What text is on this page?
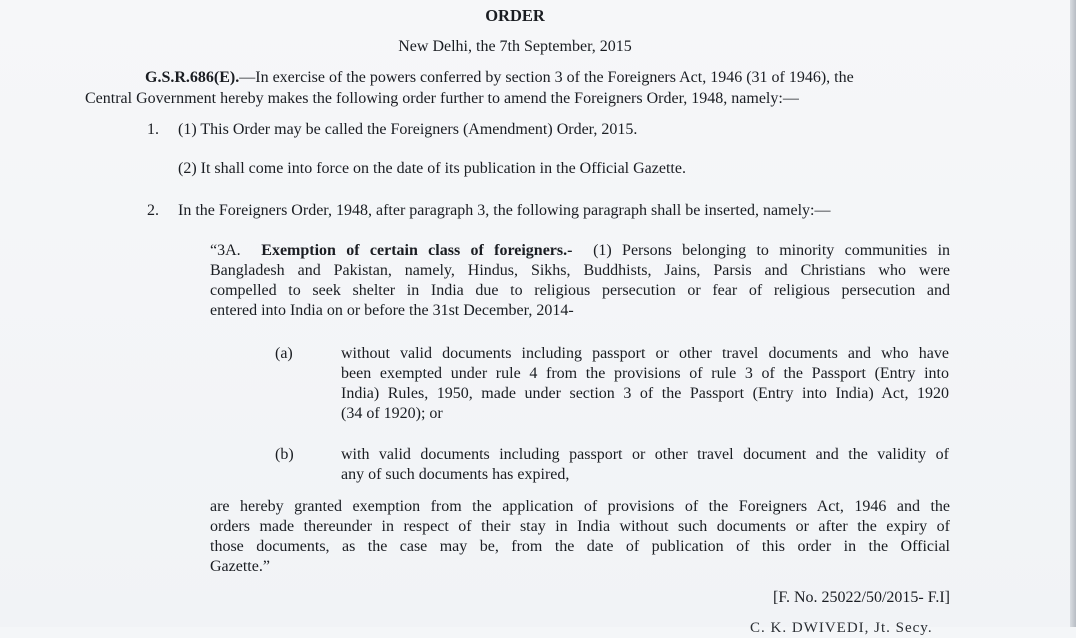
ORDER
New Delhi, the 7th September, 2015
G.S.R.686(E).—In exercise of the powers conferred by section 3 of the Foreigners Act, 1946 (31 of 1946), the
Central Government hereby makes the following order further to amend the Foreigners Order, 1948, namely:—
1. (1) This Order may be called the Foreigners (Amendment) Order, 2015.
(2) It shall come into force on the date of its publication in the Official Gazette.
2. In the Foreigners Order, 1948, after paragraph 3, the following paragraph shall be inserted, namely:—
“3A. Exemption of certain class of foreigners.- (1) Persons belonging to minority communities in
Bangladesh and Pakistan, namely, Hindus, Sikhs, Buddhists, Jains, Parsis and Christians who were
compelled to seek shelter in India due to religious persecution or fear of religious persecution and
entered into India on or before the 31st December, 2014-
(a)	without valid documents including passport or other travel documents and who have
been exempted under rule 4 from the provisions of rule 3 of the Passport (Entry into
India) Rules, 1950, made under section 3 of the Passport (Entry into India) Act, 1920
(34 of 1920); or
(b)	with valid documents including passport or other travel document and the validity of
any of such documents has expired,
are hereby granted exemption from the application of provisions of the Foreigners Act, 1946 and the
orders made thereunder in respect of their stay in India without such documents or after the expiry of
those documents, as the case may be, from the date of publication of this order in the Official
Gazette.”
[F. No. 25022/50/2015- F.I]
C. K. DWIVEDI, Jt. Secy.
